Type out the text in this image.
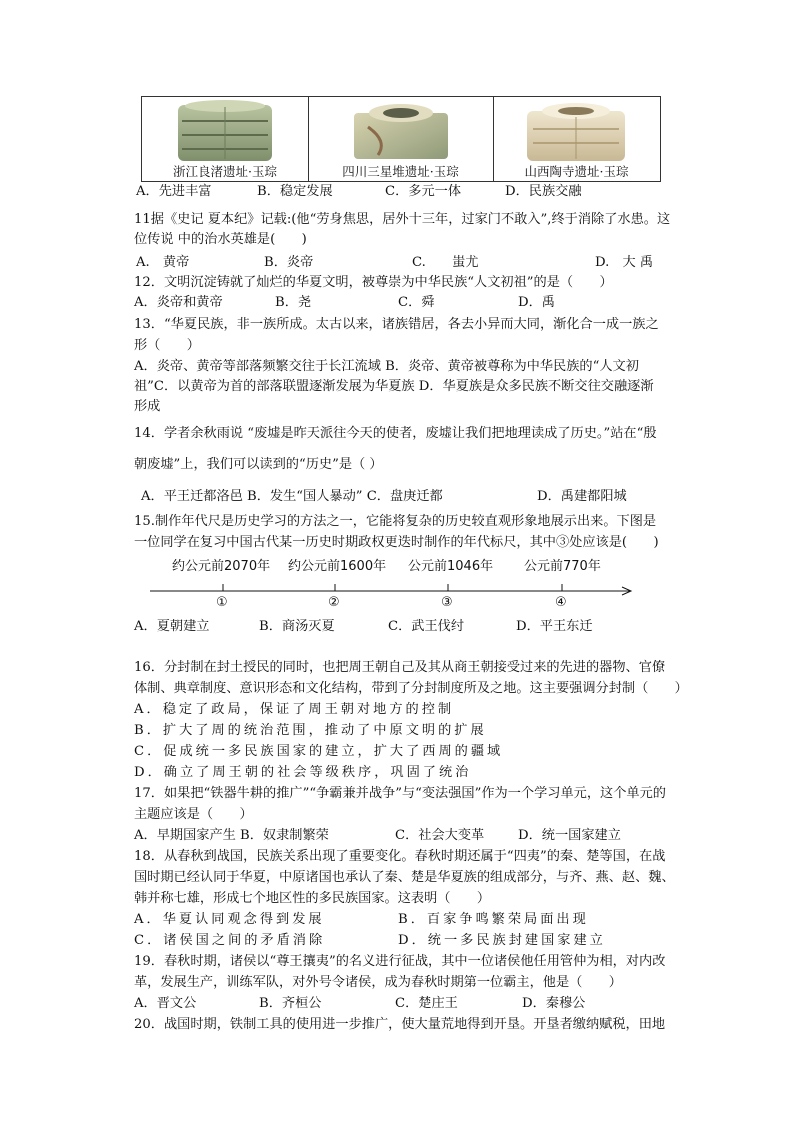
浙江良渚遗址·玉琮	四川三星堆遗址·玉琮	山西陶寺遗址·玉琮
A．先进丰富	B．稳定发展	C．多元一体	D．民族交融
11据《史记 夏本纪》记载:(他“劳身焦思，居外十三年，过家门不敢入”,终于消除了水患。这
位传说 中的治水英雄是(　　)
A.　黄帝	B．炎帝	C.　　蚩尤	D.　大 禹
12．文明沉淀铸就了灿烂的华夏文明，被尊崇为中华民族“人文初祖”的是（　　）
A．炎帝和黄帝	B．尧	C．舜	D．禹
13．“华夏民族，非一族所成。太古以来，诸族错居，各去小异而大同，渐化合一成一族之
形（　　）
A．炎帝、黄帝等部落频繁交往于长江流域 B．炎帝、黄帝被尊称为中华民族的“人文初
祖”C．以黄帝为首的部落联盟逐渐发展为华夏族 D．华夏族是众多民族不断交往交融逐渐
形成
14．学者余秋雨说 “废墟是昨天派往今天的使者，废墟让我们把地理读成了历史。”站在“殷
朝废墟”上，我们可以读到的“历史”是（ ）
A．平王迁都洛邑 B．发生“国人暴动” C．盘庚迁都	D．禹建都阳城
15.制作年代尺是历史学习的方法之一，它能将复杂的历史较直观形象地展示出来。下图是
一位同学在复习中国古代某一历史时期政权更迭时制作的年代标尺，其中③处应该是(　　)
约公元前2070年 约公元前1600年 公元前1046年 公元前770年
①	②	③	④
A．夏朝建立	B．商汤灭夏	C．武王伐纣	D．平王东迁
16．分封制在封土授民的同时，也把周王朝自己及其从商王朝接受过来的先进的器物、官僚
体制、典章制度、意识形态和文化结构，带到了分封制度所及之地。这主要强调分封制（　　）
A．稳定了政局，保证了周王朝对地方的控制
B．扩大了周的统治范围，推动了中原文明的扩展
C．促成统一多民族国家的建立，扩大了西周的疆域
D．确立了周王朝的社会等级秩序，巩固了统治
17．如果把“铁器牛耕的推广”“争霸兼并战争”与“变法强国”作为一个学习单元，这个单元的
主题应该是（　　）
A．早期国家产生 B．奴隶制繁荣	C．社会大变革	D．统一国家建立
18．从春秋到战国，民族关系出现了重要变化。春秋时期还属于“四夷”的秦、楚等国，在战
国时期已经认同于华夏，中原诸国也承认了秦、楚是华夏族的组成部分，与齐、燕、赵、魏、
韩并称七雄，形成七个地区性的多民族国家。这表明（　　）
A．华夏认同观念得到发展	B．百家争鸣繁荣局面出现
C．诸侯国之间的矛盾消除	D．统一多民族封建国家建立
19．春秋时期，诸侯以“尊王攘夷”的名义进行征战，其中一位诸侯他任用管仲为相，对内改
革，发展生产，训练军队，对外号令诸侯，成为春秋时期第一位霸主，他是（　　）
A．晋文公	B．齐桓公	C．楚庄王	D．秦穆公
20．战国时期，铁制工具的使用进一步推广，使大量荒地得到开垦。开垦者缴纳赋税，田地
